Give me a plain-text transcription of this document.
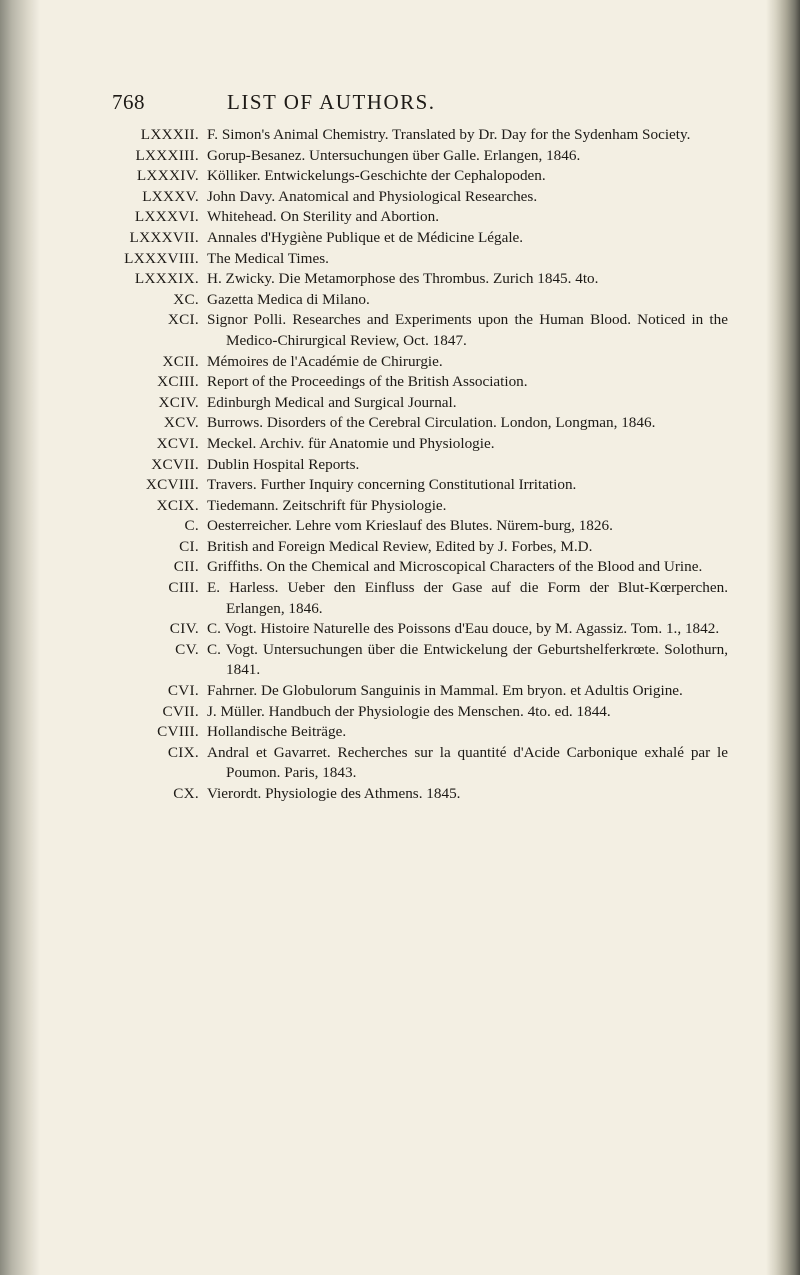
768	LIST OF AUTHORS.
LXXXII. F. Simon's Animal Chemistry. Translated by Dr. Day for the Sydenham Society.
LXXXIII. Gorup-Besanez. Untersuchungen über Galle. Erlangen, 1846.
LXXXIV. Kölliker. Entwickelungs-Geschichte der Cephalopoden.
LXXXV. John Davy. Anatomical and Physiological Researches.
LXXXVI. Whitehead. On Sterility and Abortion.
LXXXVII. Annales d'Hygiène Publique et de Médicine Légale.
LXXXVIII. The Medical Times.
LXXXIX. H. Zwicky. Die Metamorphose des Thrombus. Zurich 1845. 4to.
XC. Gazetta Medica di Milano.
XCI. Signor Polli. Researches and Experiments upon the Human Blood. Noticed in the Medico-Chirurgical Review, Oct. 1847.
XCII. Mémoires de l'Académie de Chirurgie.
XCIII. Report of the Proceedings of the British Association.
XCIV. Edinburgh Medical and Surgical Journal.
XCV. Burrows. Disorders of the Cerebral Circulation. London, Longman, 1846.
XCVI. Meckel. Archiv. für Anatomie und Physiologie.
XCVII. Dublin Hospital Reports.
XCVIII. Travers. Further Inquiry concerning Constitutional Irritation.
XCIX. Tiedemann. Zeitschrift für Physiologie.
C. Oesterreicher. Lehre vom Krieslauf des Blutes. Nürem-burg, 1826.
CI. British and Foreign Medical Review, Edited by J. Forbes, M.D.
CII. Griffiths. On the Chemical and Microscopical Characters of the Blood and Urine.
CIII. E. Harless. Ueber den Einfluss der Gase auf die Form der Blut-Kœrperchen. Erlangen, 1846.
CIV. C. Vogt. Histoire Naturelle des Poissons d'Eau douce, by M. Agassiz. Tom. 1., 1842.
CV. C. Vogt. Untersuchungen über die Entwickelung der Geburtshelferkrœte. Solothurn, 1841.
CVI. Fahrner. De Globulorum Sanguinis in Mammal. Em bryon. et Adultis Origine.
CVII. J. Müller. Handbuch der Physiologie des Menschen. 4to. ed. 1844.
CVIII. Hollandische Beiträge.
CIX. Andral et Gavarret. Recherches sur la quantité d'Acide Carbonique exhalé par le Poumon. Paris, 1843.
CX. Vierordt. Physiologie des Athmens. 1845.
